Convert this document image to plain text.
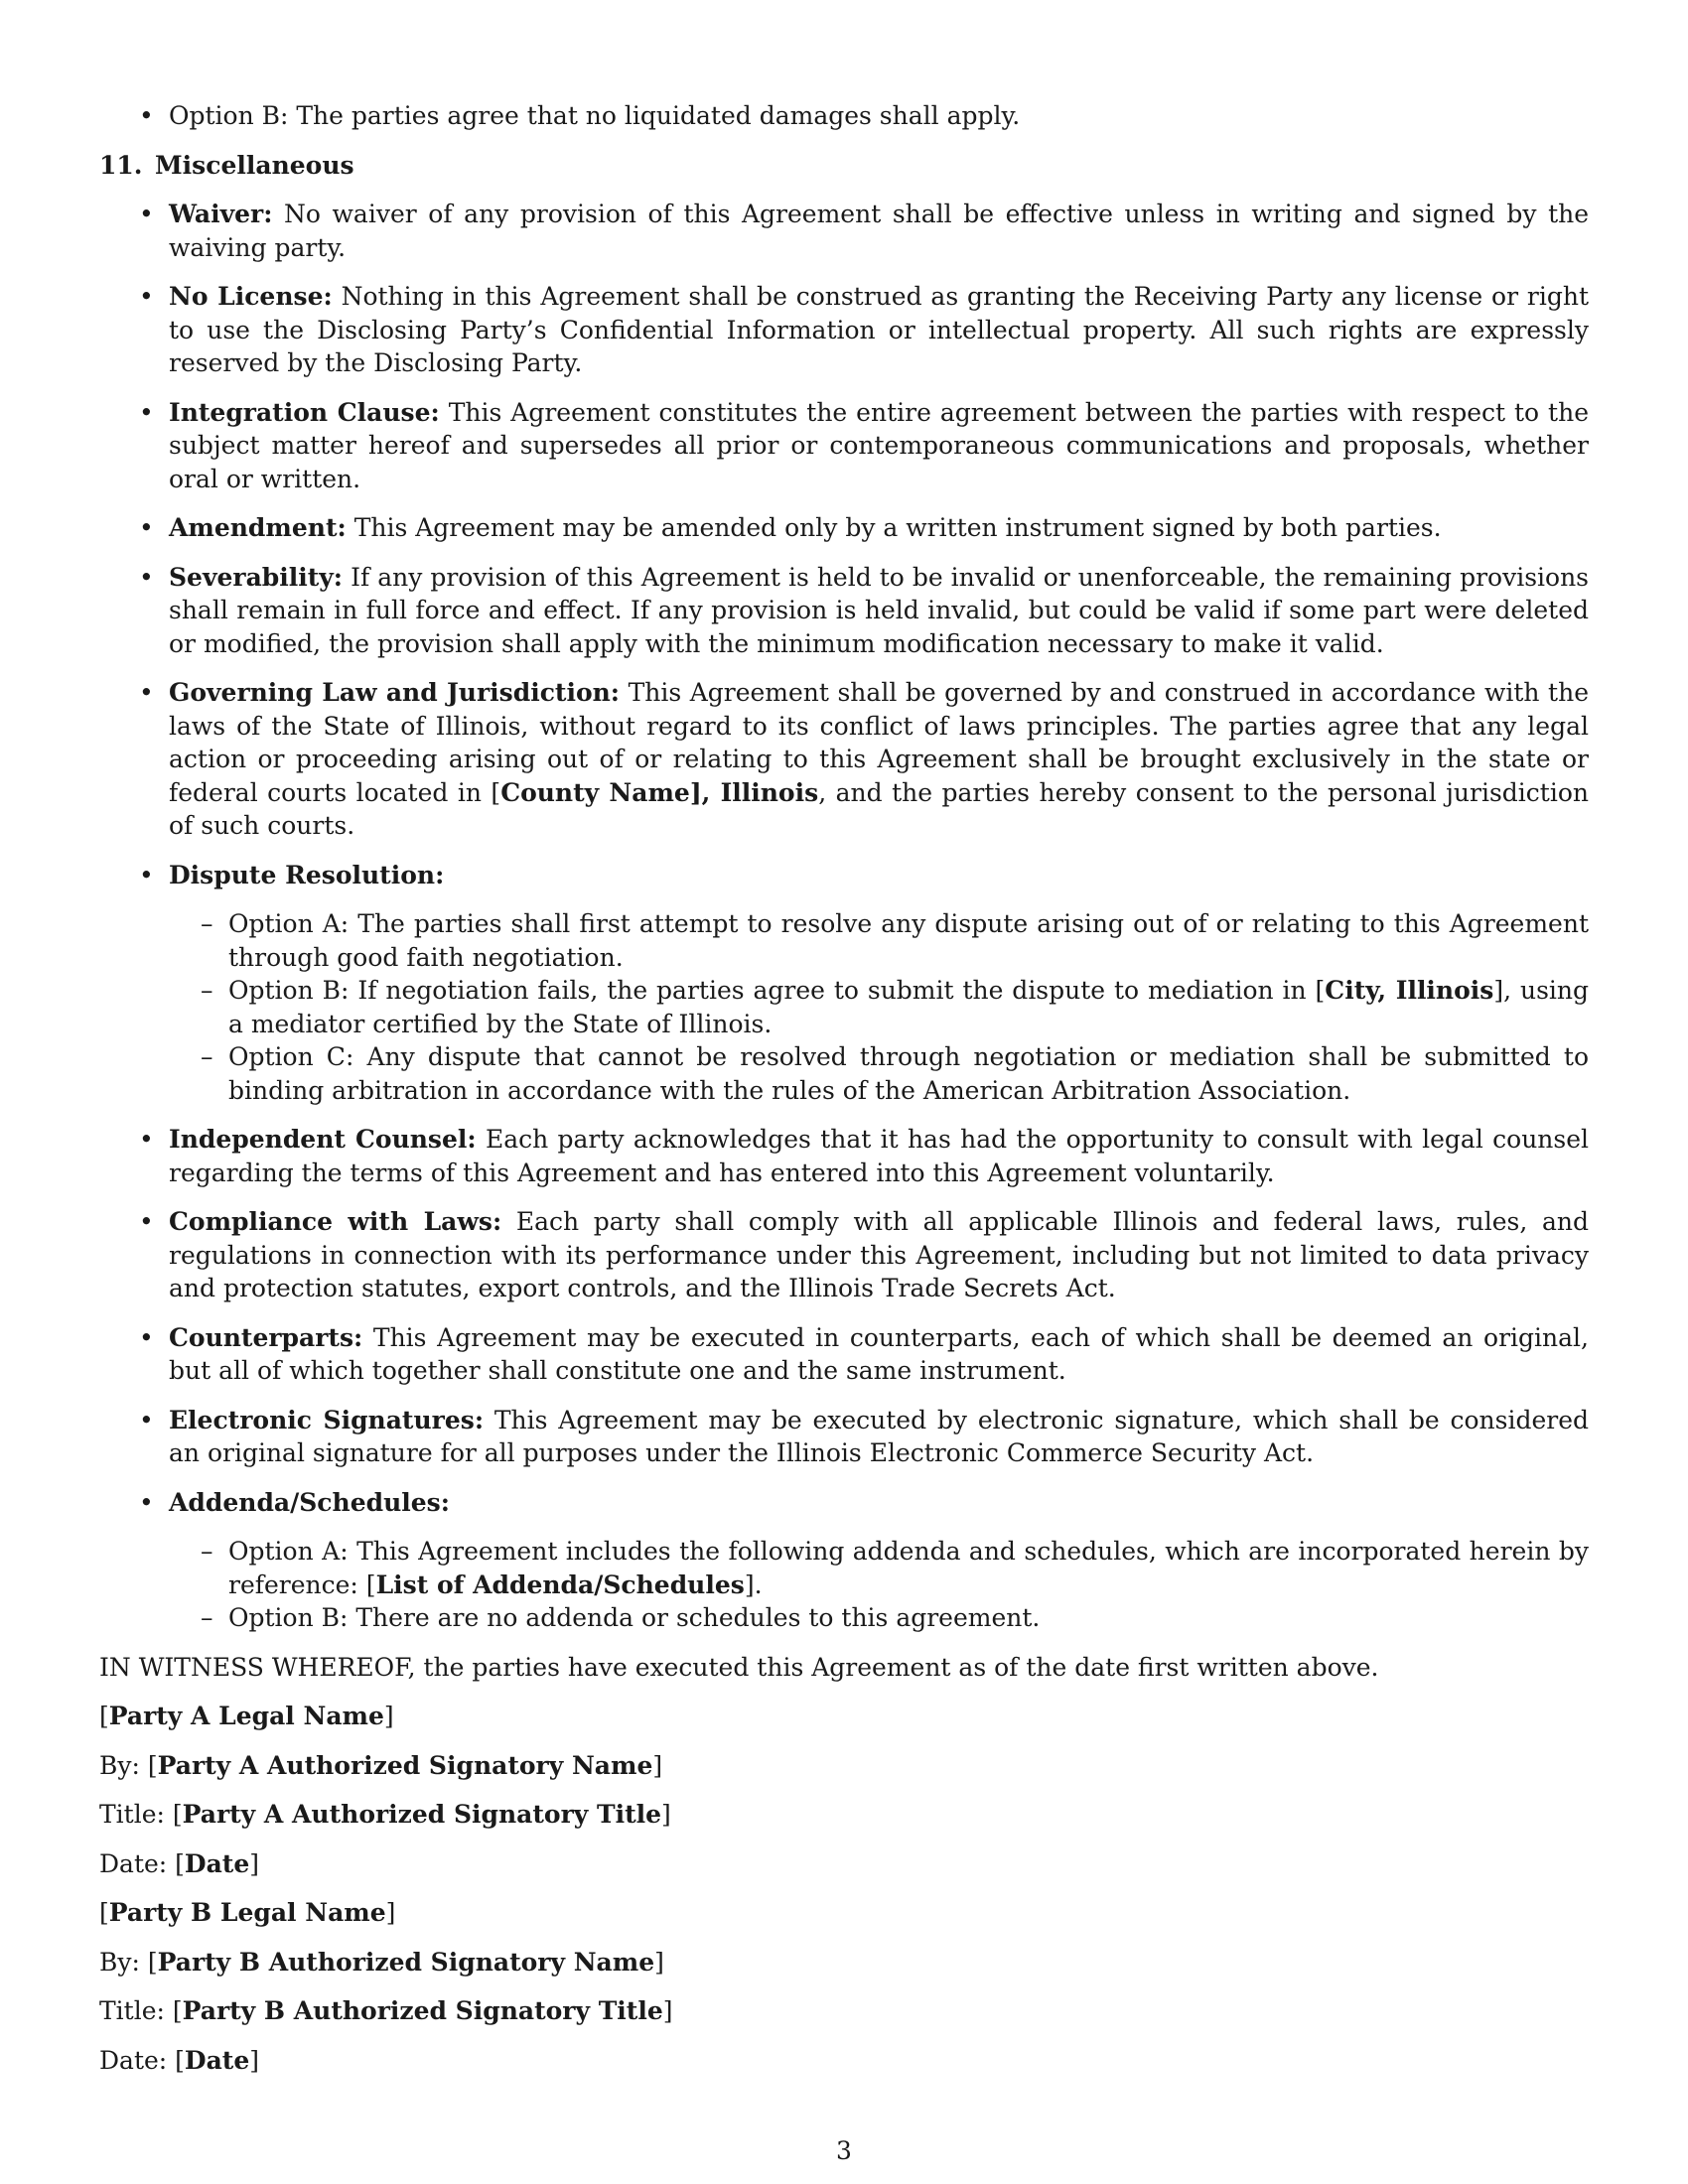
• Option B: The parties agree that no liquidated damages shall apply.
11. Miscellaneous
• Waiver: No waiver of any provision of this Agreement shall be effective unless in writing and signed by the waiving party.
• No License: Nothing in this Agreement shall be construed as granting the Receiving Party any license or right to use the Disclosing Party’s Confidential Information or intellectual property. All such rights are expressly reserved by the Disclosing Party.
• Integration Clause: This Agreement constitutes the entire agreement between the parties with respect to the subject matter hereof and supersedes all prior or contemporaneous communications and proposals, whether oral or written.
• Amendment: This Agreement may be amended only by a written instrument signed by both parties.
• Severability: If any provision of this Agreement is held to be invalid or unenforceable, the remaining provisions shall remain in full force and effect. If any provision is held invalid, but could be valid if some part were deleted or modified, the provision shall apply with the minimum modification necessary to make it valid.
• Governing Law and Jurisdiction: This Agreement shall be governed by and construed in accordance with the laws of the State of Illinois, without regard to its conflict of laws principles. The parties agree that any legal action or proceeding arising out of or relating to this Agreement shall be brought exclusively in the state or federal courts located in [County Name], Illinois, and the parties hereby consent to the personal jurisdiction of such courts.
• Dispute Resolution:
– Option A: The parties shall first attempt to resolve any dispute arising out of or relating to this Agreement through good faith negotiation.
– Option B: If negotiation fails, the parties agree to submit the dispute to mediation in [City, Illinois], using a mediator certified by the State of Illinois.
– Option C: Any dispute that cannot be resolved through negotiation or mediation shall be submitted to binding arbitration in accordance with the rules of the American Arbitration Association.
• Independent Counsel: Each party acknowledges that it has had the opportunity to consult with legal counsel regarding the terms of this Agreement and has entered into this Agreement voluntarily.
• Compliance with Laws: Each party shall comply with all applicable Illinois and federal laws, rules, and regulations in connection with its performance under this Agreement, including but not limited to data privacy and protection statutes, export controls, and the Illinois Trade Secrets Act.
• Counterparts: This Agreement may be executed in counterparts, each of which shall be deemed an original, but all of which together shall constitute one and the same instrument.
• Electronic Signatures: This Agreement may be executed by electronic signature, which shall be considered an original signature for all purposes under the Illinois Electronic Commerce Security Act.
• Addenda/Schedules:
– Option A: This Agreement includes the following addenda and schedules, which are incorporated herein by reference: [List of Addenda/Schedules].
– Option B: There are no addenda or schedules to this agreement.

IN WITNESS WHEREOF, the parties have executed this Agreement as of the date first written above.

[Party A Legal Name]

By: [Party A Authorized Signatory Name]

Title: [Party A Authorized Signatory Title]

Date: [Date]

[Party B Legal Name]

By: [Party B Authorized Signatory Name]

Title: [Party B Authorized Signatory Title]

Date: [Date]

3
